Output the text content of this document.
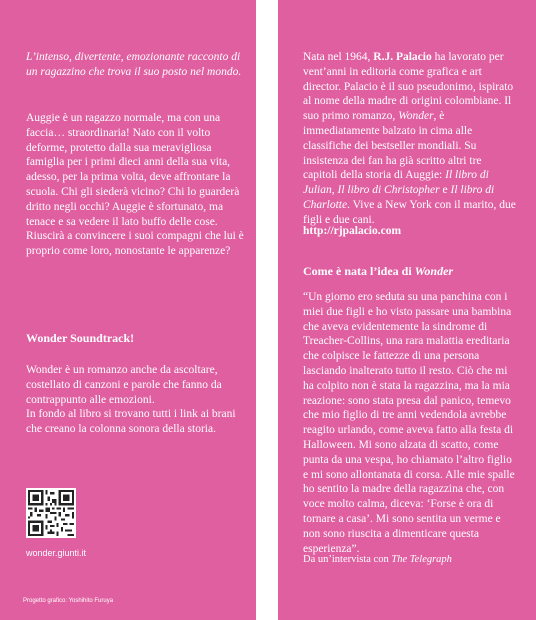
L’intenso, divertente, emozionante racconto di un ragazzino che trova il suo posto nel mondo.

Auggie è un ragazzo normale, ma con una faccia… straordinaria! Nato con il volto deforme, protetto dalla sua meravigliosa famiglia per i primi dieci anni della sua vita, adesso, per la prima volta, deve affrontare la scuola. Chi gli siederà vicino? Chi lo guarderà dritto negli occhi? Auggie è sfortunato, ma tenace e sa vedere il lato buffo delle cose. Riuscirà a convincere i suoi compagni che lui è proprio come loro, nonostante le apparenze?

Wonder Soundtrack!

Wonder è un romanzo anche da ascoltare, costellato di canzoni e parole che fanno da contrappunto alle emozioni.

In fondo al libro si trovano tutti i link ai brani che creano la colonna sonora della storia.

wonder.giunti.it
Progetto grafico: Yoshihito Furuya

Nata nel 1964, R.J. Palacio ha lavorato per vent’anni in editoria come grafica e art director. Palacio è il suo pseudonimo, ispirato al nome della madre di origini colombiane. Il suo primo romanzo, Wonder, è immediatamente balzato in cima alle classifiche dei bestseller mondiali. Su insistenza dei fan ha già scritto altri tre capitoli della storia di Auggie: Il libro di Julian, Il libro di Christopher e Il libro di Charlotte. Vive a New York con il marito, due figli e due cani.

http://rjpalacio.com

Come è nata l’idea di Wonder

“Un giorno ero seduta su una panchina con i miei due figli e ho visto passare una bambina che aveva evidentemente la sindrome di Treacher-Collins, una rara malattia ereditaria che colpisce le fattezze di una persona lasciando inalterato tutto il resto. Ciò che mi ha colpito non è stata la ragazzina, ma la mia reazione: sono stata presa dal panico, temevo che mio figlio di tre anni vedendola avrebbe reagito urlando, come aveva fatto alla festa di Halloween. Mi sono alzata di scatto, come punta da una vespa, ho chiamato l’altro figlio e mi sono allontanata di corsa. Alle mie spalle ho sentito la madre della ragazzina che, con voce molto calma, diceva: ‘Forse è ora di tornare a casa’. Mi sono sentita un verme e non sono riuscita a dimenticare questa esperienza”.

Da un’intervista con The Telegraph
